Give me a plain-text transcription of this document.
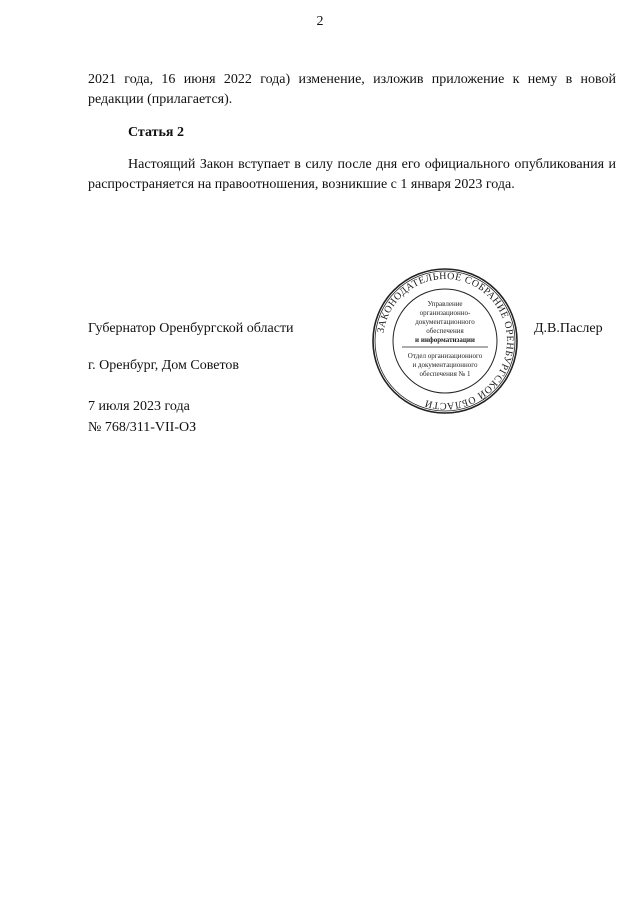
2
2021 года, 16 июня 2022 года) изменение, изложив приложение к нему в новой редакции (прилагается).
Статья 2
Настоящий Закон вступает в силу после дня его официального опубликования и распространяется на правоотношения, возникшие с 1 января 2023 года.
Губернатор Оренбургской области	Д.В.Паслер
г. Оренбург, Дом Советов
7 июля 2023 года
№ 768/311-VII-ОЗ
ЗАКОНОДАТЕЛЬНОЕ СОБРАНИЕ ОРЕНБУРГСКОЙ ОБЛАСТИ
Управление
организационно-
документационного
обеспечения
и информатизации
Отдел организационного
и документационного
обеспечения № 1
